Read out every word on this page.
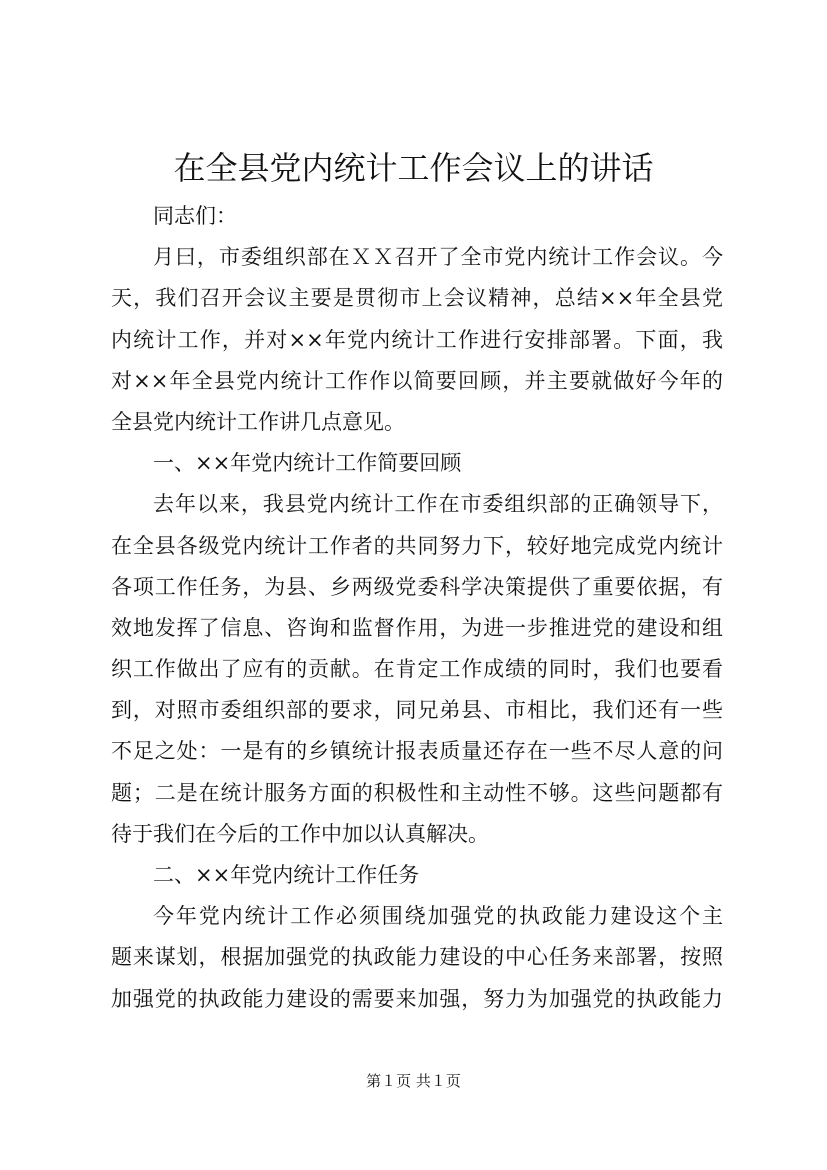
在全县党内统计工作会议上的讲话
同志们：
月曰，市委组织部在ＸＸ召开了全市党内统计工作会议。今
天，我们召开会议主要是贯彻市上会议精神，总结××年全县党
内统计工作，并对××年党内统计工作进行安排部署。下面，我
对××年全县党内统计工作作以简要回顾，并主要就做好今年的
全县党内统计工作讲几点意见。
一、××年党内统计工作简要回顾
去年以来，我县党内统计工作在市委组织部的正确领导下，
在全县各级党内统计工作者的共同努力下，较好地完成党内统计
各项工作任务，为县、乡两级党委科学决策提供了重要依据，有
效地发挥了信息、咨询和监督作用，为进一步推进党的建设和组
织工作做出了应有的贡献。在肯定工作成绩的同时，我们也要看
到，对照市委组织部的要求，同兄弟县、市相比，我们还有一些
不足之处：一是有的乡镇统计报表质量还存在一些不尽人意的问
题；二是在统计服务方面的积极性和主动性不够。这些问题都有
待于我们在今后的工作中加以认真解决。
二、××年党内统计工作任务
今年党内统计工作必须围绕加强党的执政能力建设这个主
题来谋划，根据加强党的执政能力建设的中心任务来部署，按照
加强党的执政能力建设的需要来加强，努力为加强党的执政能力
第１页 共１页
